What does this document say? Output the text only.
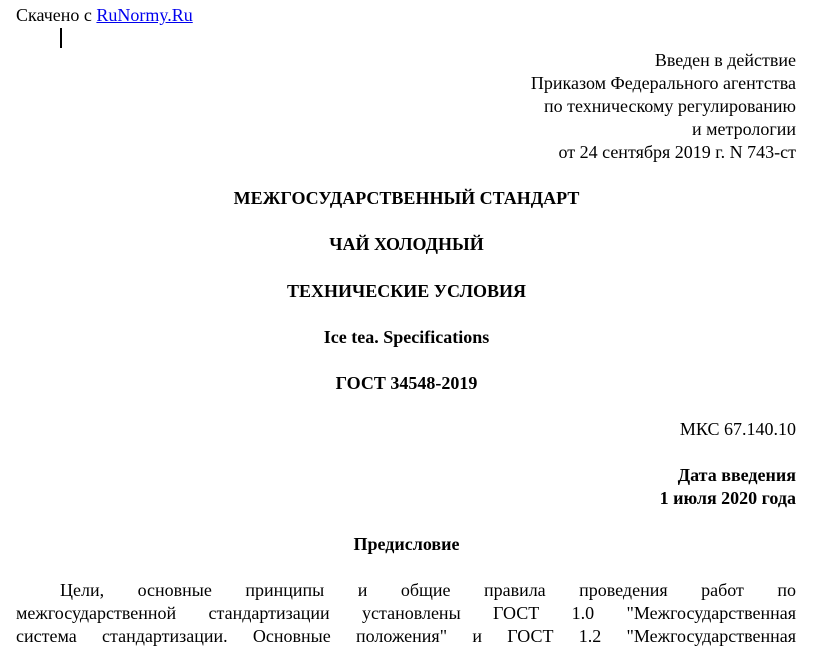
Скачено с RuNormy.Ru
Введен в действие
Приказом Федерального агентства
по техническому регулированию
и метрологии
от 24 сентября 2019 г. N 743-ст
МЕЖГОСУДАРСТВЕННЫЙ СТАНДАРТ
ЧАЙ ХОЛОДНЫЙ
ТЕХНИЧЕСКИЕ УСЛОВИЯ
Ice tea. Specifications
ГОСТ 34548-2019
МКС 67.140.10
Дата введения
1 июля 2020 года
Предисловие
Цели, основные принципы и общие правила проведения работ по
межгосударственной стандартизации установлены ГОСТ 1.0 "Межгосударственная
система стандартизации. Основные положения" и ГОСТ 1.2 "Межгосударственная
